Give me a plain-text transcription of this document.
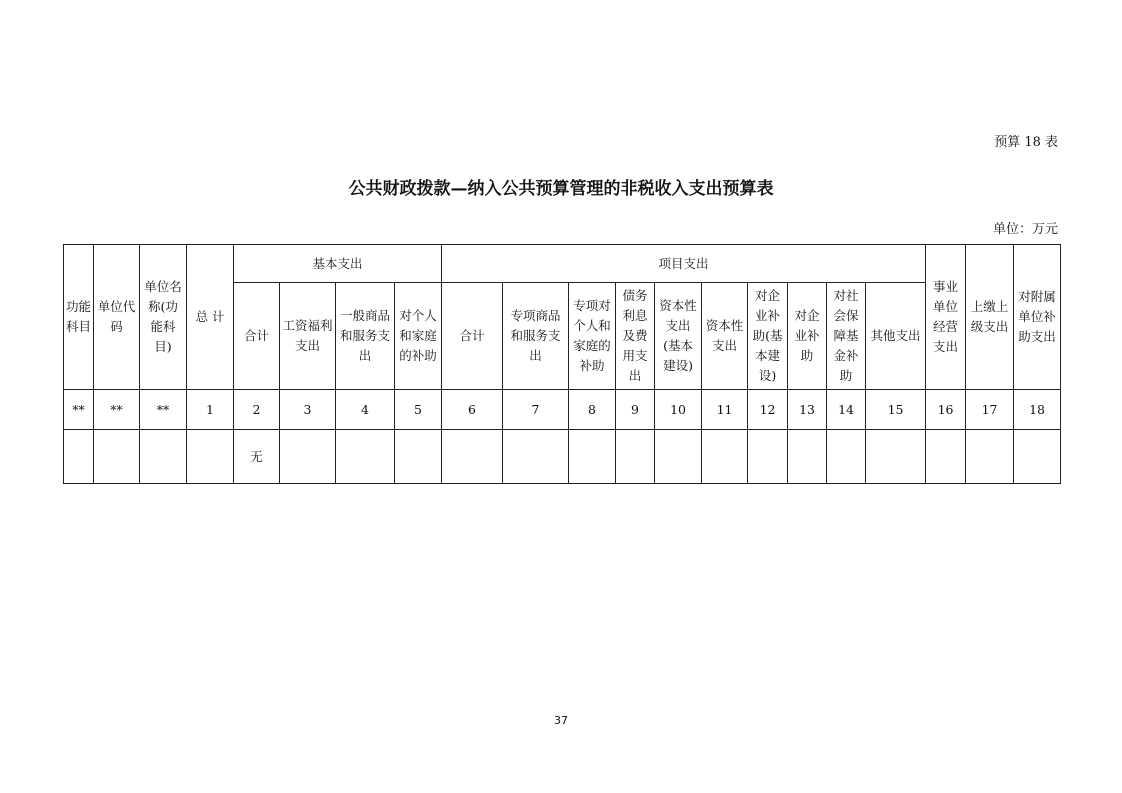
预算 18 表
公共财政拨款—纳入公共预算管理的非税收入支出预算表
单位：万元
功能科目	单位代码	单位名称(功能科目)	总 计	基本支出				项目支出										事业单位经营支出	上缴上级支出	对附属单位补助支出
				合计	工资福利支出	一般商品和服务支出	对个人和家庭的补助	合计	专项商品和服务支出	专项对个人和家庭的补助	债务利息及费用支出	资本性支出(基本建设)	资本性支出	对企业补助(基本建设)	对企业补助	对社会保障基金补助	其他支出			
**	**	**	1	2	3	4	5	6	7	8	9	10	11	12	13	14	15	16	17	18
				无																
37
